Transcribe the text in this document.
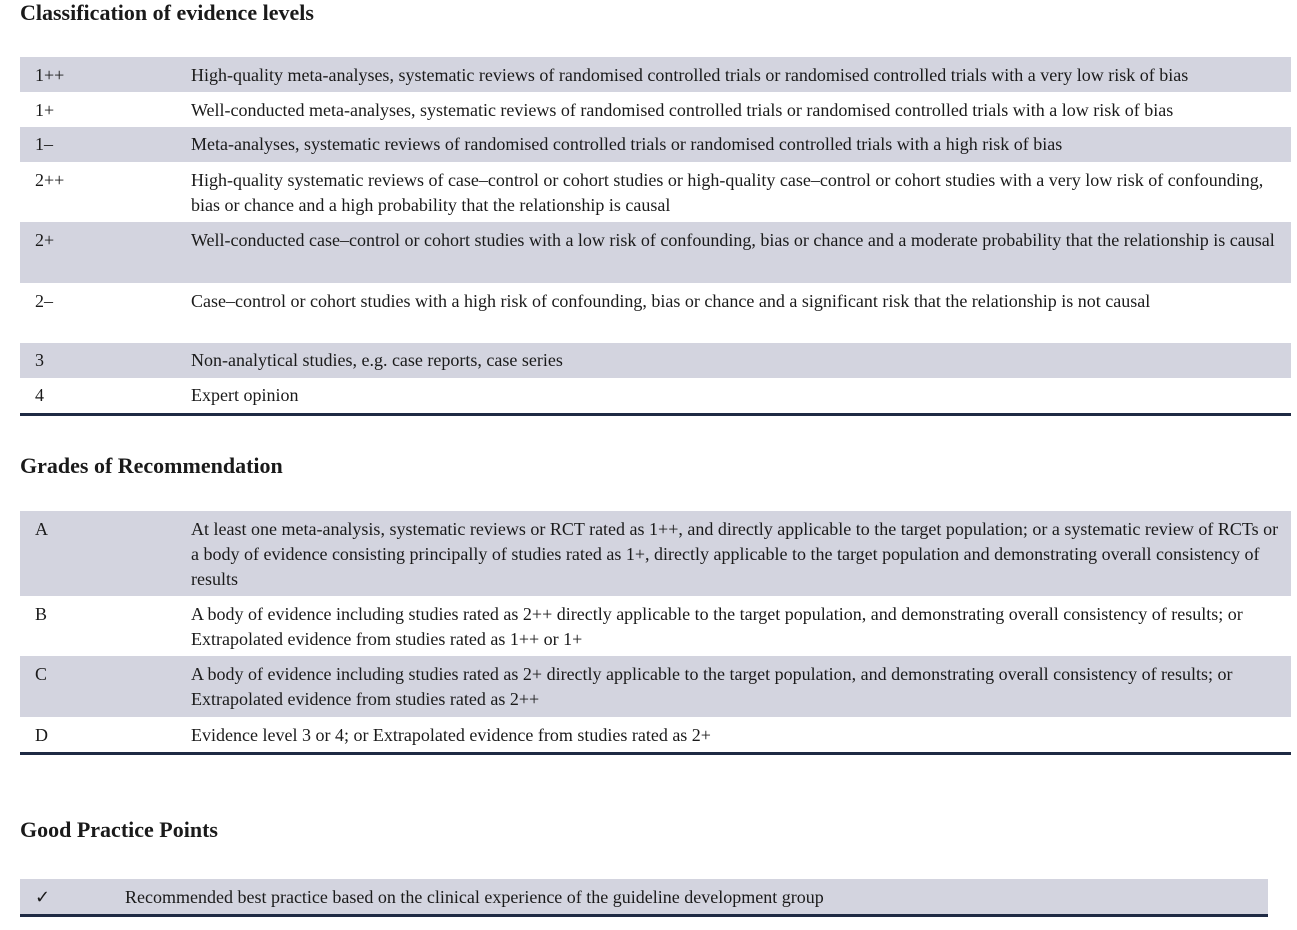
Classification of evidence levels
1++	High-quality meta-analyses, systematic reviews of randomised controlled trials or randomised controlled trials with a very low risk of bias
1+	Well-conducted meta-analyses, systematic reviews of randomised controlled trials or randomised controlled trials with a low risk of bias
1–	Meta-analyses, systematic reviews of randomised controlled trials or randomised controlled trials with a high risk of bias
2++	High-quality systematic reviews of case–control or cohort studies or high-quality case–control or cohort studies with a very low risk of confounding, bias or chance and a high probability that the relationship is causal
2+	Well-conducted case–control or cohort studies with a low risk of confounding, bias or chance and a moderate probability that the relationship is causal
2–	Case–control or cohort studies with a high risk of confounding, bias or chance and a significant risk that the relationship is not causal
3	Non-analytical studies, e.g. case reports, case series
4	Expert opinion
Grades of Recommendation
A	At least one meta-analysis, systematic reviews or RCT rated as 1++, and directly applicable to the target population; or a systematic review of RCTs or a body of evidence consisting principally of studies rated as 1+, directly applicable to the target population and demonstrating overall consistency of results
B	A body of evidence including studies rated as 2++ directly applicable to the target population, and demonstrating overall consistency of results; or Extrapolated evidence from studies rated as 1++ or 1+
C	A body of evidence including studies rated as 2+ directly applicable to the target population, and demonstrating overall consistency of results; or Extrapolated evidence from studies rated as 2++
D	Evidence level 3 or 4; or Extrapolated evidence from studies rated as 2+
Good Practice Points
✓	Recommended best practice based on the clinical experience of the guideline development group
